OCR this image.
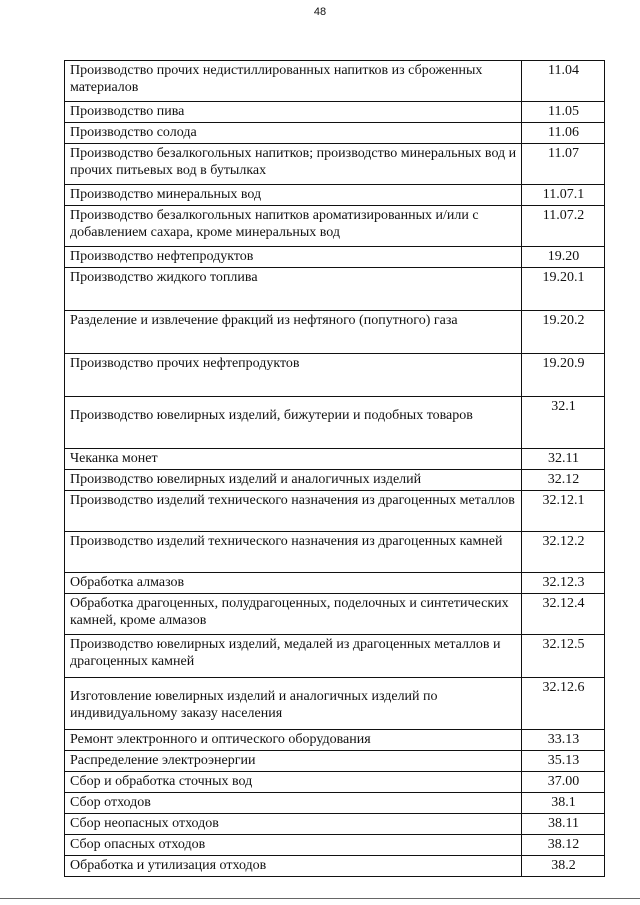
48
Производство прочих недистиллированных напитков из сброженных материалов	11.04
Производство пива	11.05
Производство солода	11.06
Производство безалкогольных напитков; производство минеральных вод и прочих питьевых вод в бутылках	11.07
Производство минеральных вод	11.07.1
Производство безалкогольных напитков ароматизированных и/или с добавлением сахара, кроме минеральных вод	11.07.2
Производство нефтепродуктов	19.20
Производство жидкого топлива	19.20.1
Разделение и извлечение фракций из нефтяного (попутного) газа	19.20.2
Производство прочих нефтепродуктов	19.20.9
Производство ювелирных изделий, бижутерии и подобных товаров	32.1
Чеканка монет	32.11
Производство ювелирных изделий и аналогичных изделий	32.12
Производство изделий технического назначения из драгоценных металлов	32.12.1
Производство изделий технического назначения из драгоценных камней	32.12.2
Обработка алмазов	32.12.3
Обработка драгоценных, полудрагоценных, поделочных и синтетических камней, кроме алмазов	32.12.4
Производство ювелирных изделий, медалей из драгоценных металлов и драгоценных камней	32.12.5
Изготовление ювелирных изделий и аналогичных изделий по индивидуальному заказу населения	32.12.6
Ремонт электронного и оптического оборудования	33.13
Распределение электроэнергии	35.13
Сбор и обработка сточных вод	37.00
Сбор отходов	38.1
Сбор неопасных отходов	38.11
Сбор опасных отходов	38.12
Обработка и утилизация отходов	38.2
